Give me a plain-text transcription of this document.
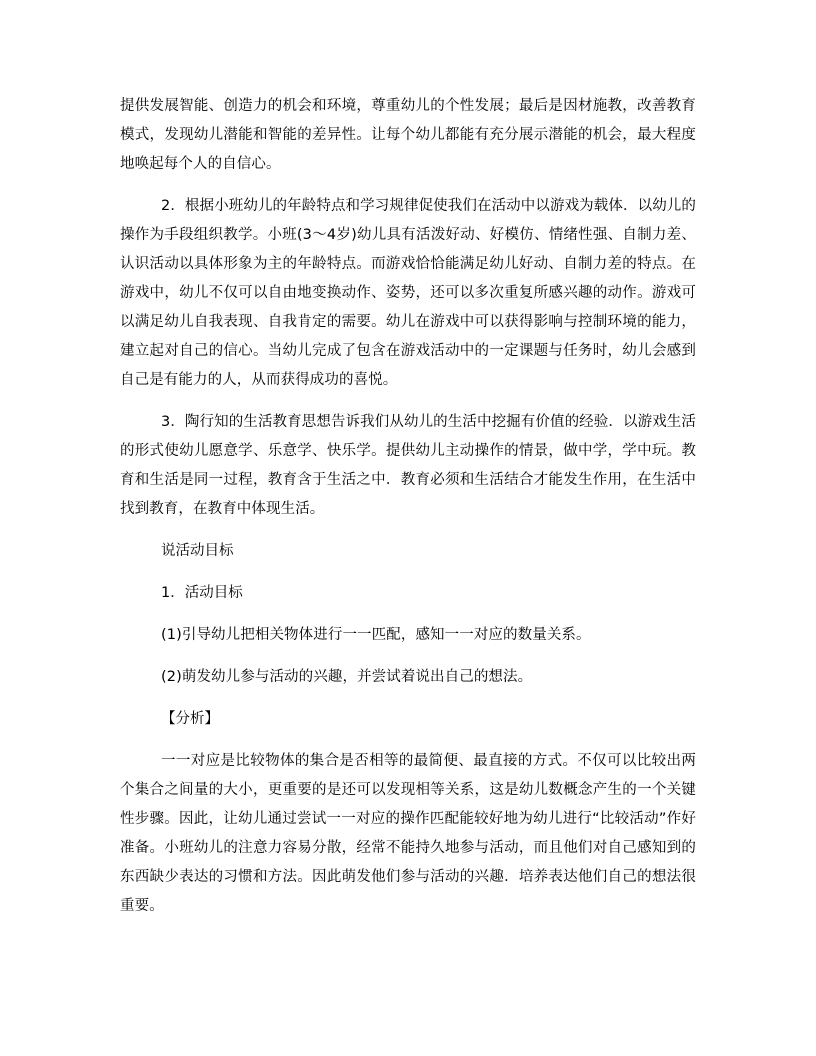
提供发展智能、创造力的机会和环境，尊重幼儿的个性发展；最后是因材施教，改善教育模式，发现幼儿潜能和智能的差异性。让每个幼儿都能有充分展示潜能的机会，最大程度地唤起每个人的自信心。

2．根据小班幼儿的年龄特点和学习规律促使我们在活动中以游戏为载体．以幼儿的操作为手段组织教学。小班(3～4岁)幼儿具有活泼好动、好模仿、情绪性强、自制力差、认识活动以具体形象为主的年龄特点。而游戏恰恰能满足幼儿好动、自制力差的特点。在游戏中，幼儿不仅可以自由地变换动作、姿势，还可以多次重复所感兴趣的动作。游戏可以满足幼儿自我表现、自我肯定的需要。幼儿在游戏中可以获得影响与控制环境的能力，建立起对自己的信心。当幼儿完成了包含在游戏活动中的一定课题与任务时，幼儿会感到自己是有能力的人，从而获得成功的喜悦。

3．陶行知的生活教育思想告诉我们从幼儿的生活中挖掘有价值的经验．以游戏生活的形式使幼儿愿意学、乐意学、快乐学。提供幼儿主动操作的情景，做中学，学中玩。教育和生活是同一过程，教育含于生活之中．教育必须和生活结合才能发生作用，在生活中找到教育，在教育中体现生活。

说活动目标

1．活动目标

(1)引导幼儿把相关物体进行一一匹配，感知一一对应的数量关系。

(2)萌发幼儿参与活动的兴趣，并尝试着说出自己的想法。

【分析】

一一对应是比较物体的集合是否相等的最简便、最直接的方式。不仅可以比较出两个集合之间量的大小，更重要的是还可以发现相等关系，这是幼儿数概念产生的一个关键性步骤。因此，让幼儿通过尝试一一对应的操作匹配能较好地为幼儿进行“比较活动”作好准备。小班幼儿的注意力容易分散，经常不能持久地参与活动，而且他们对自己感知到的东西缺少表达的习惯和方法。因此萌发他们参与活动的兴趣．培养表达他们自己的想法很重要。
